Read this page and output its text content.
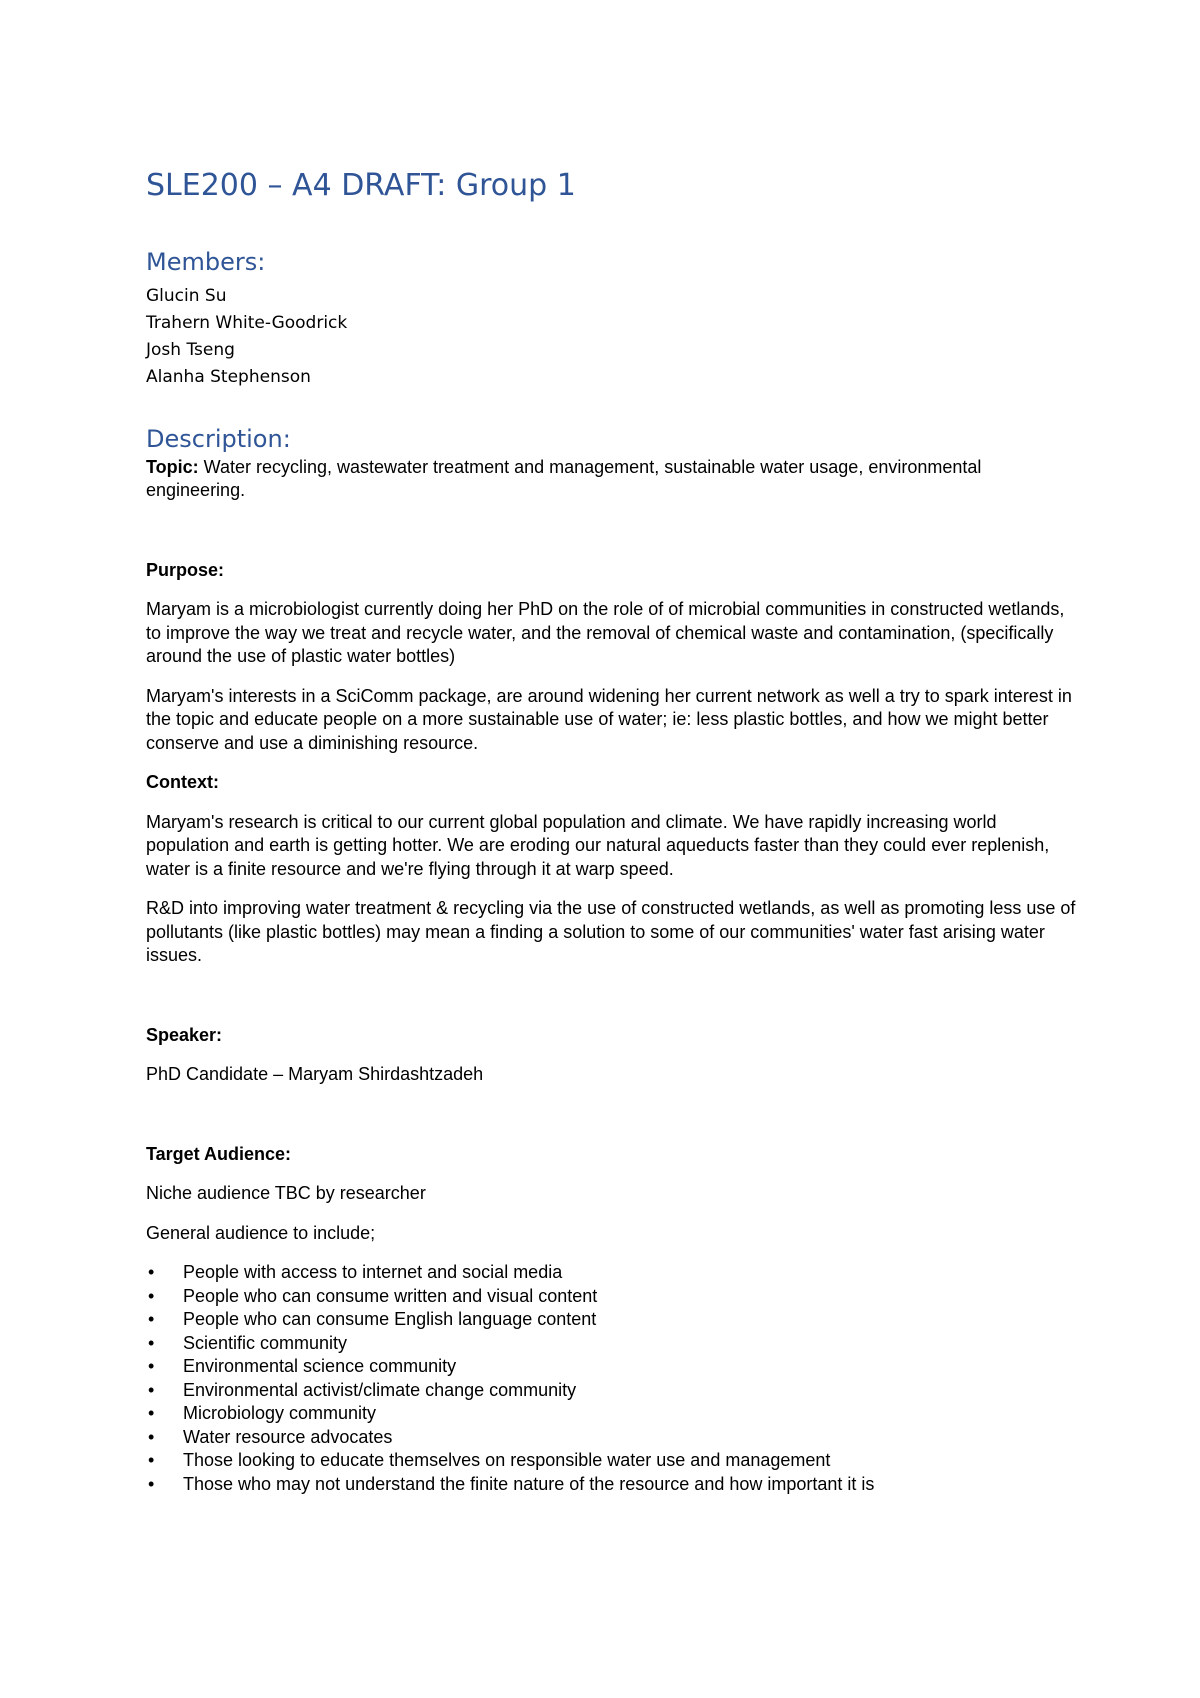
SLE200 – A4 DRAFT: Group 1
Members:

Glucin Su

Trahern White-Goodrick

Josh Tseng

Alanha Stephenson

Description:

Topic: Water recycling, wastewater treatment and management, sustainable water usage, environmental engineering.

Purpose:

Maryam is a microbiologist currently doing her PhD on the role of of microbial communities in constructed wetlands, to improve the way we treat and recycle water, and the removal of chemical waste and contamination, (specifically around the use of plastic water bottles)

Maryam's interests in a SciComm package, are around widening her current network as well a try to spark interest in the topic and educate people on a more sustainable use of water; ie: less plastic bottles, and how we might better conserve and use a diminishing resource.

Context:

Maryam's research is critical to our current global population and climate. We have rapidly increasing world population and earth is getting hotter. We are eroding our natural aqueducts faster than they could ever replenish, water is a finite resource and we're flying through it at warp speed.

R&D into improving water treatment & recycling via the use of constructed wetlands, as well as promoting less use of pollutants (like plastic bottles) may mean a finding a solution to some of our communities' water fast arising water issues.

Speaker:

PhD Candidate – Maryam Shirdashtzadeh

Target Audience:

Niche audience TBC by researcher

General audience to include;

• People with access to internet and social media
• People who can consume written and visual content
• People who can consume English language content
• Scientific community
• Environmental science community
• Environmental activist/climate change community
• Microbiology community
• Water resource advocates
• Those looking to educate themselves on responsible water use and management
• Those who may not understand the finite nature of the resource and how important it is
